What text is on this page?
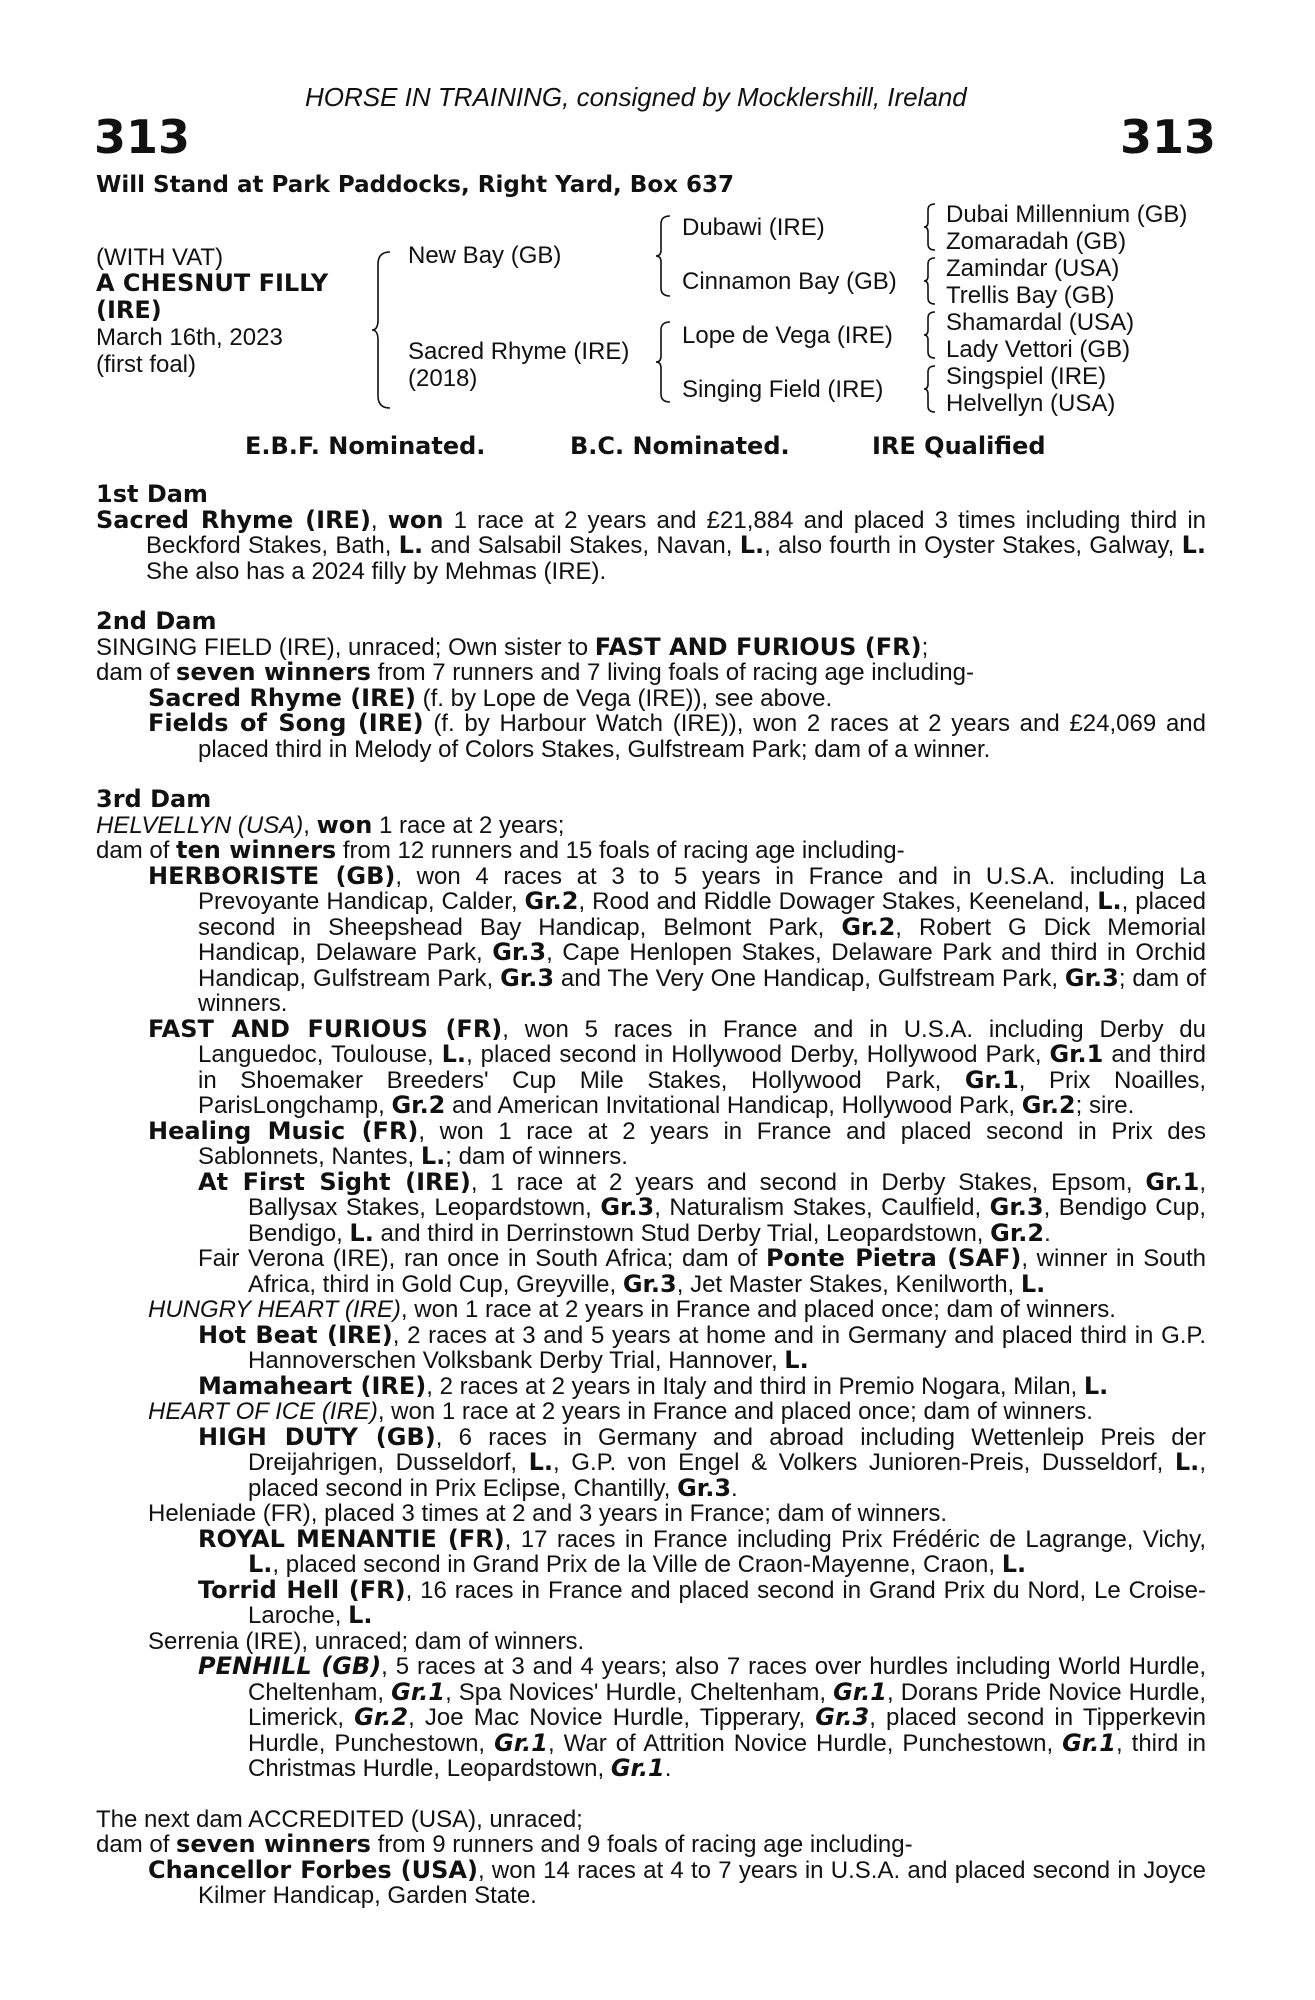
HORSE IN TRAINING, consigned by Mocklershill, Ireland
313	313
Will Stand at Park Paddocks, Right Yard, Box 637
(WITH VAT)
A CHESNUT FILLY
(IRE)
March 16th, 2023
(first foal)
New Bay (GB)
Sacred Rhyme (IRE)
(2018)
Dubawi (IRE)
Cinnamon Bay (GB)
Lope de Vega (IRE)
Singing Field (IRE)
Dubai Millennium (GB)
Zomaradah (GB)
Zamindar (USA)
Trellis Bay (GB)
Shamardal (USA)
Lady Vettori (GB)
Singspiel (IRE)
Helvellyn (USA)
E.B.F. Nominated.	B.C. Nominated.	IRE Qualified
1st Dam
Sacred Rhyme (IRE), won 1 race at 2 years and £21,884 and placed 3 times including third in Beckford Stakes, Bath, L. and Salsabil Stakes, Navan, L., also fourth in Oyster Stakes, Galway, L. She also has a 2024 filly by Mehmas (IRE).
2nd Dam
SINGING FIELD (IRE), unraced; Own sister to FAST AND FURIOUS (FR);
dam of seven winners from 7 runners and 7 living foals of racing age including-
Sacred Rhyme (IRE) (f. by Lope de Vega (IRE)), see above.
Fields of Song (IRE) (f. by Harbour Watch (IRE)), won 2 races at 2 years and £24,069 and placed third in Melody of Colors Stakes, Gulfstream Park; dam of a winner.
3rd Dam
HELVELLYN (USA), won 1 race at 2 years;
dam of ten winners from 12 runners and 15 foals of racing age including-
HERBORISTE (GB), won 4 races at 3 to 5 years in France and in U.S.A. including La Prevoyante Handicap, Calder, Gr.2, Rood and Riddle Dowager Stakes, Keeneland, L., placed second in Sheepshead Bay Handicap, Belmont Park, Gr.2, Robert G Dick Memorial Handicap, Delaware Park, Gr.3, Cape Henlopen Stakes, Delaware Park and third in Orchid Handicap, Gulfstream Park, Gr.3 and The Very One Handicap, Gulfstream Park, Gr.3; dam of winners.
FAST AND FURIOUS (FR), won 5 races in France and in U.S.A. including Derby du Languedoc, Toulouse, L., placed second in Hollywood Derby, Hollywood Park, Gr.1 and third in Shoemaker Breeders' Cup Mile Stakes, Hollywood Park, Gr.1, Prix Noailles, ParisLongchamp, Gr.2 and American Invitational Handicap, Hollywood Park, Gr.2; sire.
Healing Music (FR), won 1 race at 2 years in France and placed second in Prix des Sablonnets, Nantes, L.; dam of winners.
At First Sight (IRE), 1 race at 2 years and second in Derby Stakes, Epsom, Gr.1, Ballysax Stakes, Leopardstown, Gr.3, Naturalism Stakes, Caulfield, Gr.3, Bendigo Cup, Bendigo, L. and third in Derrinstown Stud Derby Trial, Leopardstown, Gr.2.
Fair Verona (IRE), ran once in South Africa; dam of Ponte Pietra (SAF), winner in South Africa, third in Gold Cup, Greyville, Gr.3, Jet Master Stakes, Kenilworth, L.
HUNGRY HEART (IRE), won 1 race at 2 years in France and placed once; dam of winners.
Hot Beat (IRE), 2 races at 3 and 5 years at home and in Germany and placed third in G.P. Hannoverschen Volksbank Derby Trial, Hannover, L.
Mamaheart (IRE), 2 races at 2 years in Italy and third in Premio Nogara, Milan, L.
HEART OF ICE (IRE), won 1 race at 2 years in France and placed once; dam of winners.
HIGH DUTY (GB), 6 races in Germany and abroad including Wettenleip Preis der Dreijahrigen, Dusseldorf, L., G.P. von Engel & Volkers Junioren-Preis, Dusseldorf, L., placed second in Prix Eclipse, Chantilly, Gr.3.
Heleniade (FR), placed 3 times at 2 and 3 years in France; dam of winners.
ROYAL MENANTIE (FR), 17 races in France including Prix Frédéric de Lagrange, Vichy, L., placed second in Grand Prix de la Ville de Craon-Mayenne, Craon, L.
Torrid Hell (FR), 16 races in France and placed second in Grand Prix du Nord, Le Croise-Laroche, L.
Serrenia (IRE), unraced; dam of winners.
PENHILL (GB), 5 races at 3 and 4 years; also 7 races over hurdles including World Hurdle, Cheltenham, Gr.1, Spa Novices' Hurdle, Cheltenham, Gr.1, Dorans Pride Novice Hurdle, Limerick, Gr.2, Joe Mac Novice Hurdle, Tipperary, Gr.3, placed second in Tipperkevin Hurdle, Punchestown, Gr.1, War of Attrition Novice Hurdle, Punchestown, Gr.1, third in Christmas Hurdle, Leopardstown, Gr.1.
The next dam ACCREDITED (USA), unraced;
dam of seven winners from 9 runners and 9 foals of racing age including-
Chancellor Forbes (USA), won 14 races at 4 to 7 years in U.S.A. and placed second in Joyce Kilmer Handicap, Garden State.
